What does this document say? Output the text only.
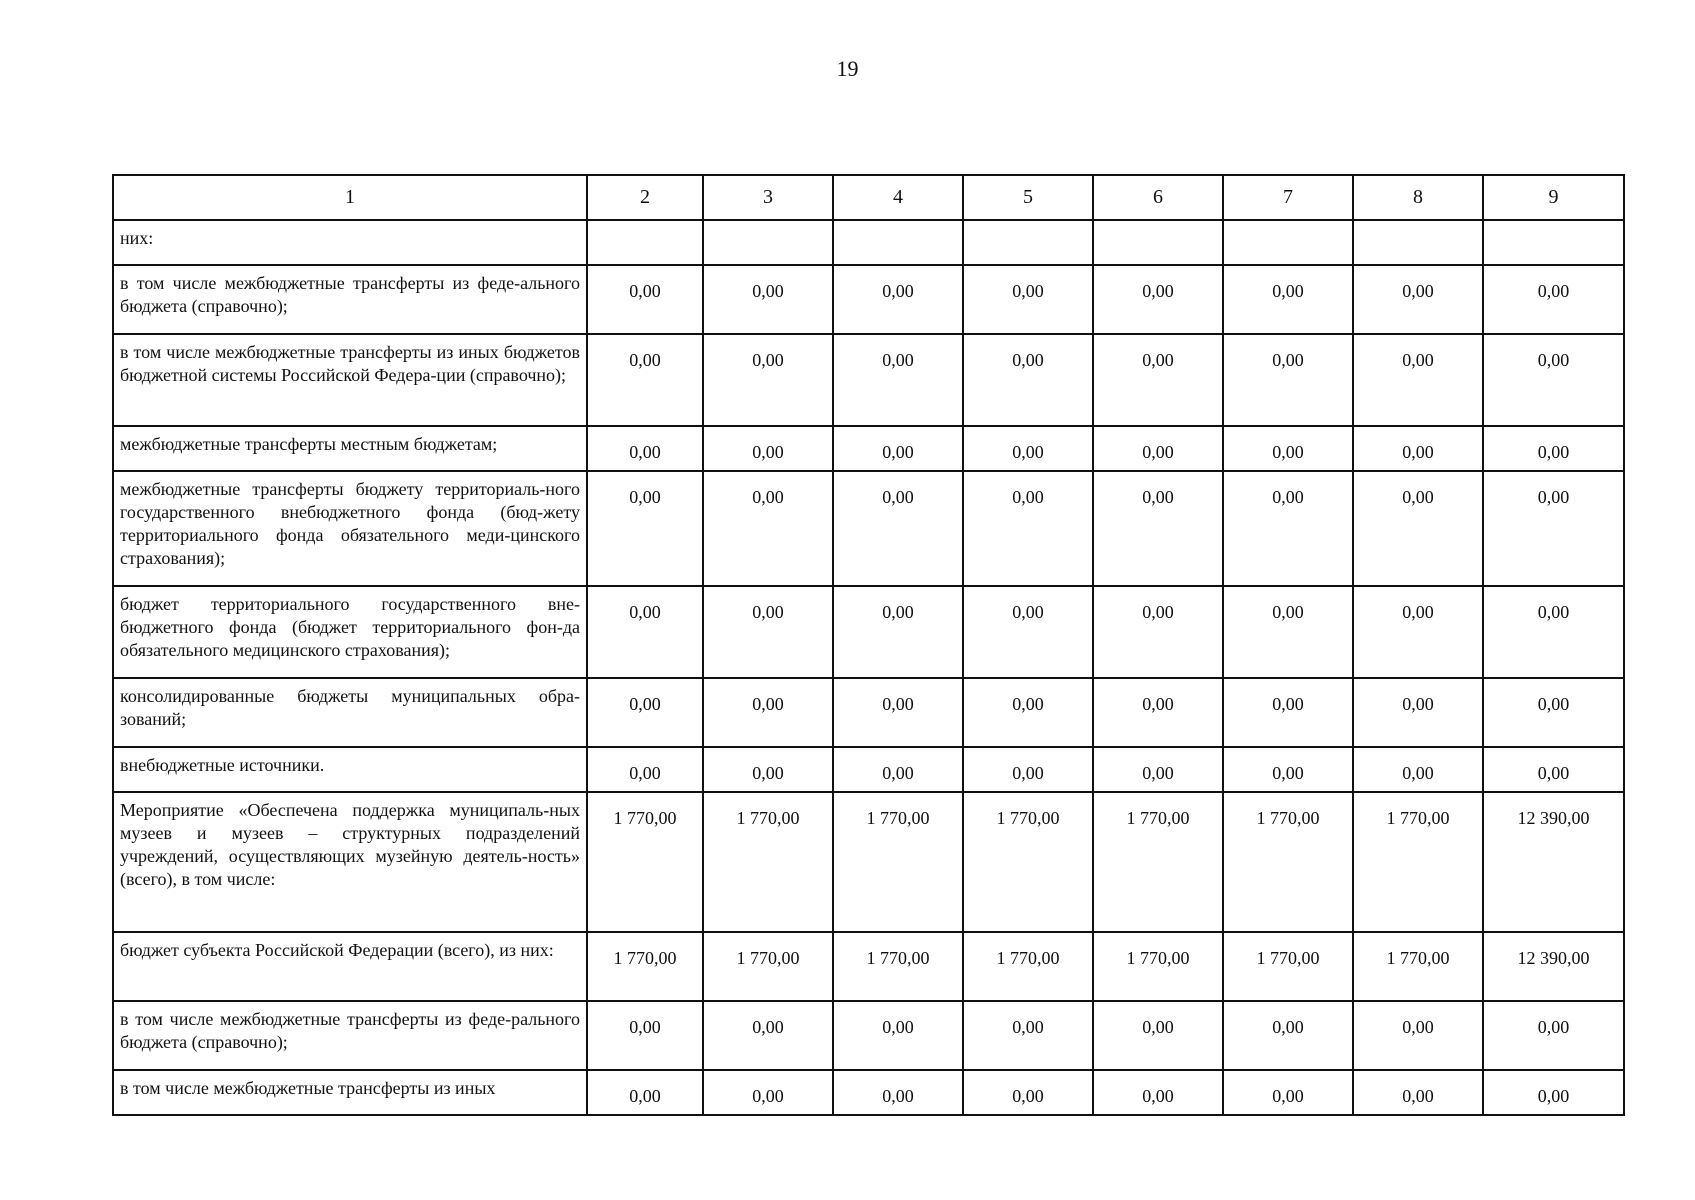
19
1	2	3	4	5	6	7	8	9
них:								
в том числе межбюджетные трансферты из феде-ального бюджета (справочно);	0,00	0,00	0,00	0,00	0,00	0,00	0,00	0,00
в том числе межбюджетные трансферты из иных бюджетов бюджетной системы Российской Федера-ции (справочно);	0,00	0,00	0,00	0,00	0,00	0,00	0,00	0,00
межбюджетные трансферты местным бюджетам;	0,00	0,00	0,00	0,00	0,00	0,00	0,00	0,00
межбюджетные трансферты бюджету территориаль-ного государственного внебюджетного фонда (бюд-жету территориального фонда обязательного меди-цинского страхования);	0,00	0,00	0,00	0,00	0,00	0,00	0,00	0,00
бюджет территориального государственного вне-бюджетного фонда (бюджет территориального фон-да обязательного медицинского страхования);	0,00	0,00	0,00	0,00	0,00	0,00	0,00	0,00
консолидированные бюджеты муниципальных обра-зований;	0,00	0,00	0,00	0,00	0,00	0,00	0,00	0,00
внебюджетные источники.	0,00	0,00	0,00	0,00	0,00	0,00	0,00	0,00
Мероприятие «Обеспечена поддержка муниципаль-ных музеев и музеев – структурных подразделений учреждений, осуществляющих музейную деятель-ность» (всего), в том числе:	1 770,00	1 770,00	1 770,00	1 770,00	1 770,00	1 770,00	1 770,00	12 390,00
бюджет субъекта Российской Федерации (всего), из них:	1 770,00	1 770,00	1 770,00	1 770,00	1 770,00	1 770,00	1 770,00	12 390,00
в том числе межбюджетные трансферты из феде-рального бюджета (справочно);	0,00	0,00	0,00	0,00	0,00	0,00	0,00	0,00
в том числе межбюджетные трансферты из иных	0,00	0,00	0,00	0,00	0,00	0,00	0,00	0,00
